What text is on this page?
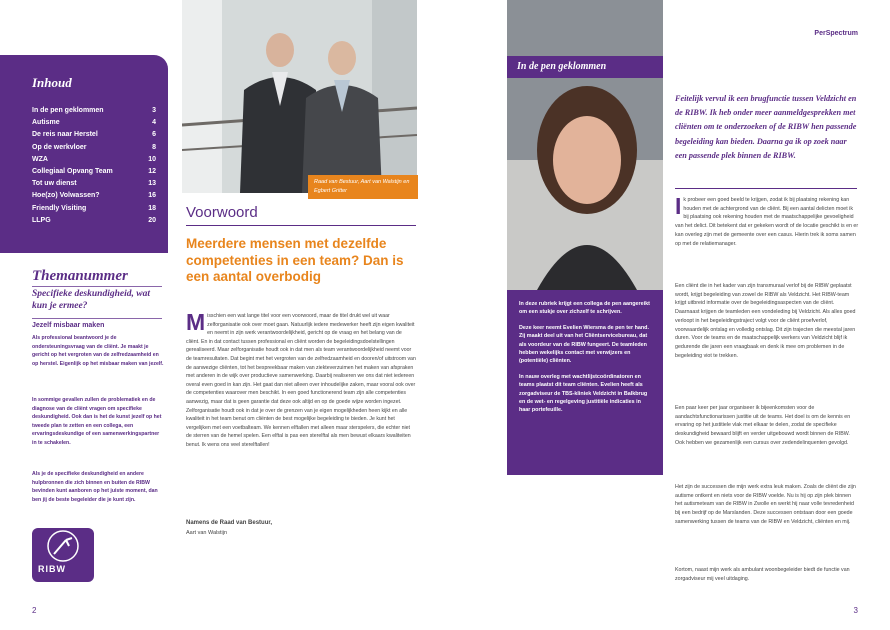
Inhoud
In de pen geklommen	3
Autisme	4
De reis naar Herstel	6
Op de werkvloer	8
WZA	10
Collegiaal Opvang Team	12
Tot uw dienst	13
Hoe(zo) Volwassen?	16
Friendly Visiting	18
LLPG	20
Themanummer
Specifieke deskundigheid, wat kun je ermee?
Jezelf misbaar maken
Als professional beantwoord je de ondersteuningsvraag van de cliënt. Je maakt je gericht op het vergroten van de zelfredzaamheid en op herstel. Eigenlijk op het misbaar maken van jezelf.
In sommige gevallen zullen de problematiek en de diagnose van de cliënt vragen om specifieke deskundigheid. Ook dan is het de kunst jezelf op het tweede plan te zetten en een collega, een ervaringsdeskundige of een samenwerkingspartner in te schakelen.
Als je de specifieke deskundigheid en andere hulpbronnen die zich binnen en buiten de RIBW bevinden kunt aanboren op het juiste moment, dan ben jij de beste begeleider die je kunt zijn.
RIBW
Raad van Bestuur, Aart van Walstijn en Egbert Gritter
Voorwoord
Meerdere mensen met dezelfde competenties in een team? Dan is een aantal overbodig
Misschien een wat lange titel voor een voorwoord, maar de titel drukt wel uit waar zelforganisatie ook over moet gaan. Natuurlijk iedere medewerker heeft zijn eigen kwaliteit en neemt in zijn werk verantwoordelijkheid, gericht op de vraag en het belang van de cliënt. En in dat contact tussen professional en cliënt worden de begeleidingsdoelstellingen gerealiseerd. Maar zelforganisatie houdt ook in dat men als team verantwoordelijkheid neemt voor de teamresultaten. Dat begint met het vergroten van de zelfredzaamheid en dooren/of uitstroom van de aanwezige cliënten, tot het bespreekbaar maken van ziekteverzuimen het maken van afspraken met anderen in de wijk over productieve samenwerking. Daarbij realiseren we ons dat niet iedereen overal even goed in kan zijn. Het gaat dan niet alleen over inhoudelijke zaken, maar vooral ook over de competenties waarover men beschikt. In een goed functionerend team zijn alle competenties aanwezig, maar dat is geen garantie dat deze ook altijd en op de goede wijze worden ingezet. Zelforganisatie houdt ook in dat je over de grenzen van je eigen mogelijkheden heen kijkt en alle kwaliteit in het team benut om cliënten de best mogelijke begeleiding te bieden. Je kunt het vergelijken met een voetbalteam. We kennen elftallen met alleen maar sterspelers, die echter niet de sterren van de hemel spelen. Een elftal is pas een sterelftal als men bewust elkaars kwaliteiten benut. Ik wens ons veel sterelftallen!
Namens de Raad van Bestuur,
Aart van Walstijn
2
PerSpectrum
In de pen geklommen

In deze rubriek krijgt een collega de pen aangereikt om een stukje over zichzelf te schrijven.

Deze keer neemt Evelien Wiersma de pen ter hand. Zij maakt deel uit van het Cliëntservicebureau, dat als voordeur van de RIBW fungeert. De teamleden hebben wekelijks contact met verwijzers en (potentiële) cliënten.

In nauw overleg met wachtlijstcoördinatoren en teams plaatst dit team cliënten. Evelien heeft als zorgadviseur de TBS-kliniek Veldzicht in Balkbrug en de wet- en regelgeving justitiële indicaties in haar portefeuille.

Feitelijk vervul ik een brugfunctie tussen Veldzicht en de RIBW. Ik heb onder meer aanmeldgesprekken met cliënten om te onderzoeken of de RIBW hen passende begeleiding kan bieden. Daarna ga ik op zoek naar een passende plek binnen de RIBW.
Ik probeer een goed beeld te krijgen, zodat ik bij plaatsing rekening kan houden met de achtergrond van de cliënt. Bij een aantal delicten moet ik bij plaatsing ook rekening houden met de maatschappelijke gevoeligheid van het delict. Dit betekent dat er gekeken wordt of de locatie geschikt is en er kan overleg zijn met de gemeente over een casus. Hierin trek ik soms samen op met de relatiemanager.
Een cliënt die in het kader van zijn transmuraal verlof bij de RIBW geplaatst wordt, krijgt begeleiding van zowel de RIBW als Veldzicht. Het RIBW-team krijgt uitbreid informatie over de begeleidingsaspecten van de cliënt. Daarnaast krijgen de teamleden een vondeleding bij Veldzicht. Als alles goed verloopt in het begeleidingstraject volgt voor de cliënt proefverlof, voorwaardelijk ontslag en volledig ontslag. Dit zijn trajecten die meestal jaren duren. Voor de teams en de maatschappelijk werkers van Veldzicht blijf ik gedurende die jaren een vraagbaak en denk ik mee om problemen in de begeleiding viot te trekken.
Een paar keer per jaar organiseer ik bijeenkomsten voor de aandachtsfunctionarissen justitie uit de teams. Het doel is om de kennis en ervaring op het justitiele vlak met elkaar te delen, zodat de specifieke deskundigheid bewaard blijft en verder uitgebouwd wordt binnen de RIBW. Ook hebben we gezamenlijk een cursus over zedendelinquenten gevolgd.
Het zijn de successen die mijn werk extra leuk maken. Zoals de cliënt die zijn autisme ontkent en niets voor de RIBW voelde. Nu is hij op zijn plek binnen het autismeteam van de RIBW in Zwolle en werkt hij naar volle tevredenheid bij een bedrijf op de Marslanden. Deze successen ontstaan door een goede samenwerking tussen de teams van de RIBW en Veldzicht, cliënten en mij.
Kortom, naast mijn werk als ambulant woonbegeleider biedt de functie van zorgadviseur mij veel uitdaging.
3
